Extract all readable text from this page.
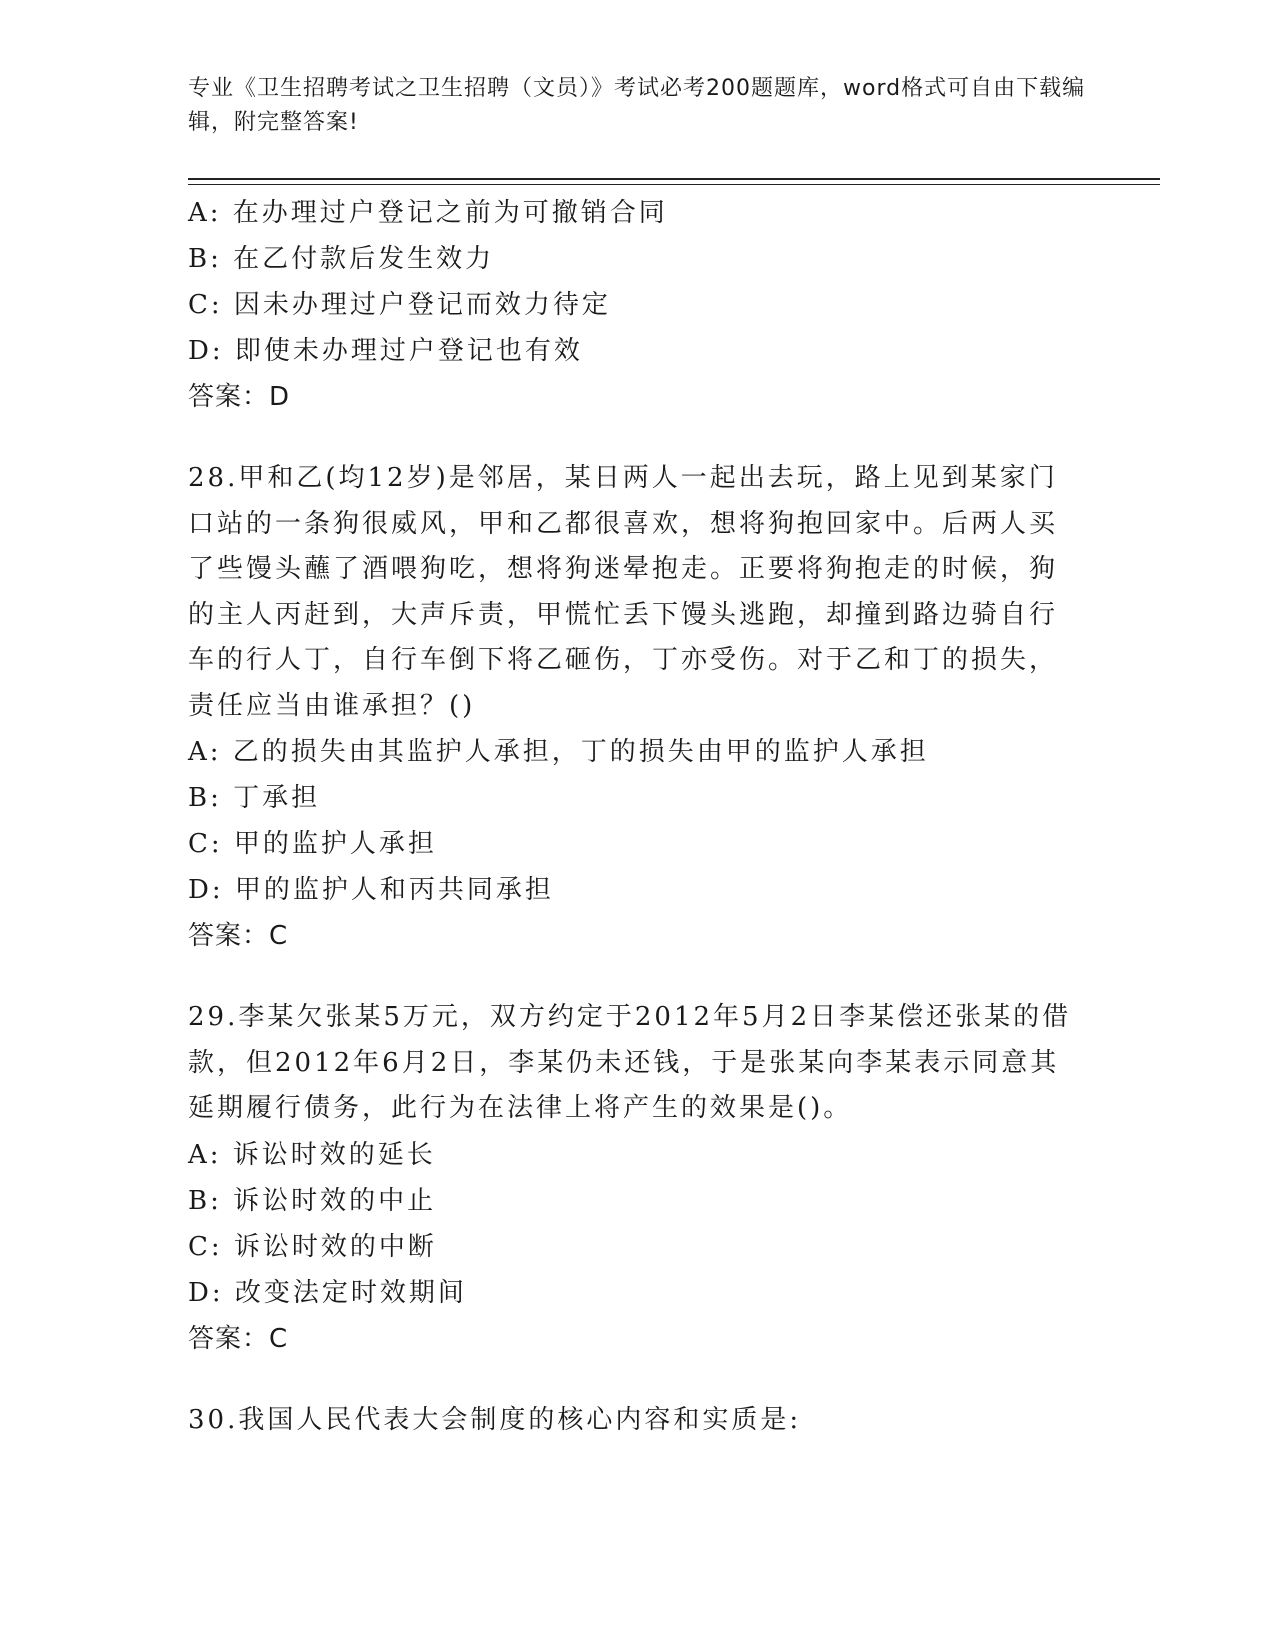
专业《卫生招聘考试之卫生招聘（文员）》考试必考200题题库，word格式可自由下载编辑，附完整答案!
A: 在办理过户登记之前为可撤销合同
B: 在乙付款后发生效力
C: 因未办理过户登记而效力待定
D: 即使未办理过户登记也有效
答案：D
28.甲和乙(均12岁)是邻居，某日两人一起出去玩，路上见到某家门口站的一条狗很威风，甲和乙都很喜欢，想将狗抱回家中。后两人买了些馒头蘸了酒喂狗吃，想将狗迷晕抱走。正要将狗抱走的时候，狗的主人丙赶到，大声斥责，甲慌忙丢下馒头逃跑，却撞到路边骑自行车的行人丁，自行车倒下将乙砸伤，丁亦受伤。对于乙和丁的损失，责任应当由谁承担？()
A: 乙的损失由其监护人承担，丁的损失由甲的监护人承担
B: 丁承担
C: 甲的监护人承担
D: 甲的监护人和丙共同承担
答案：C
29.李某欠张某5万元，双方约定于2012年5月2日李某偿还张某的借款，但2012年6月2日，李某仍未还钱，于是张某向李某表示同意其延期履行债务，此行为在法律上将产生的效果是()。
A: 诉讼时效的延长
B: 诉讼时效的中止
C: 诉讼时效的中断
D: 改变法定时效期间
答案：C
30.我国人民代表大会制度的核心内容和实质是:
